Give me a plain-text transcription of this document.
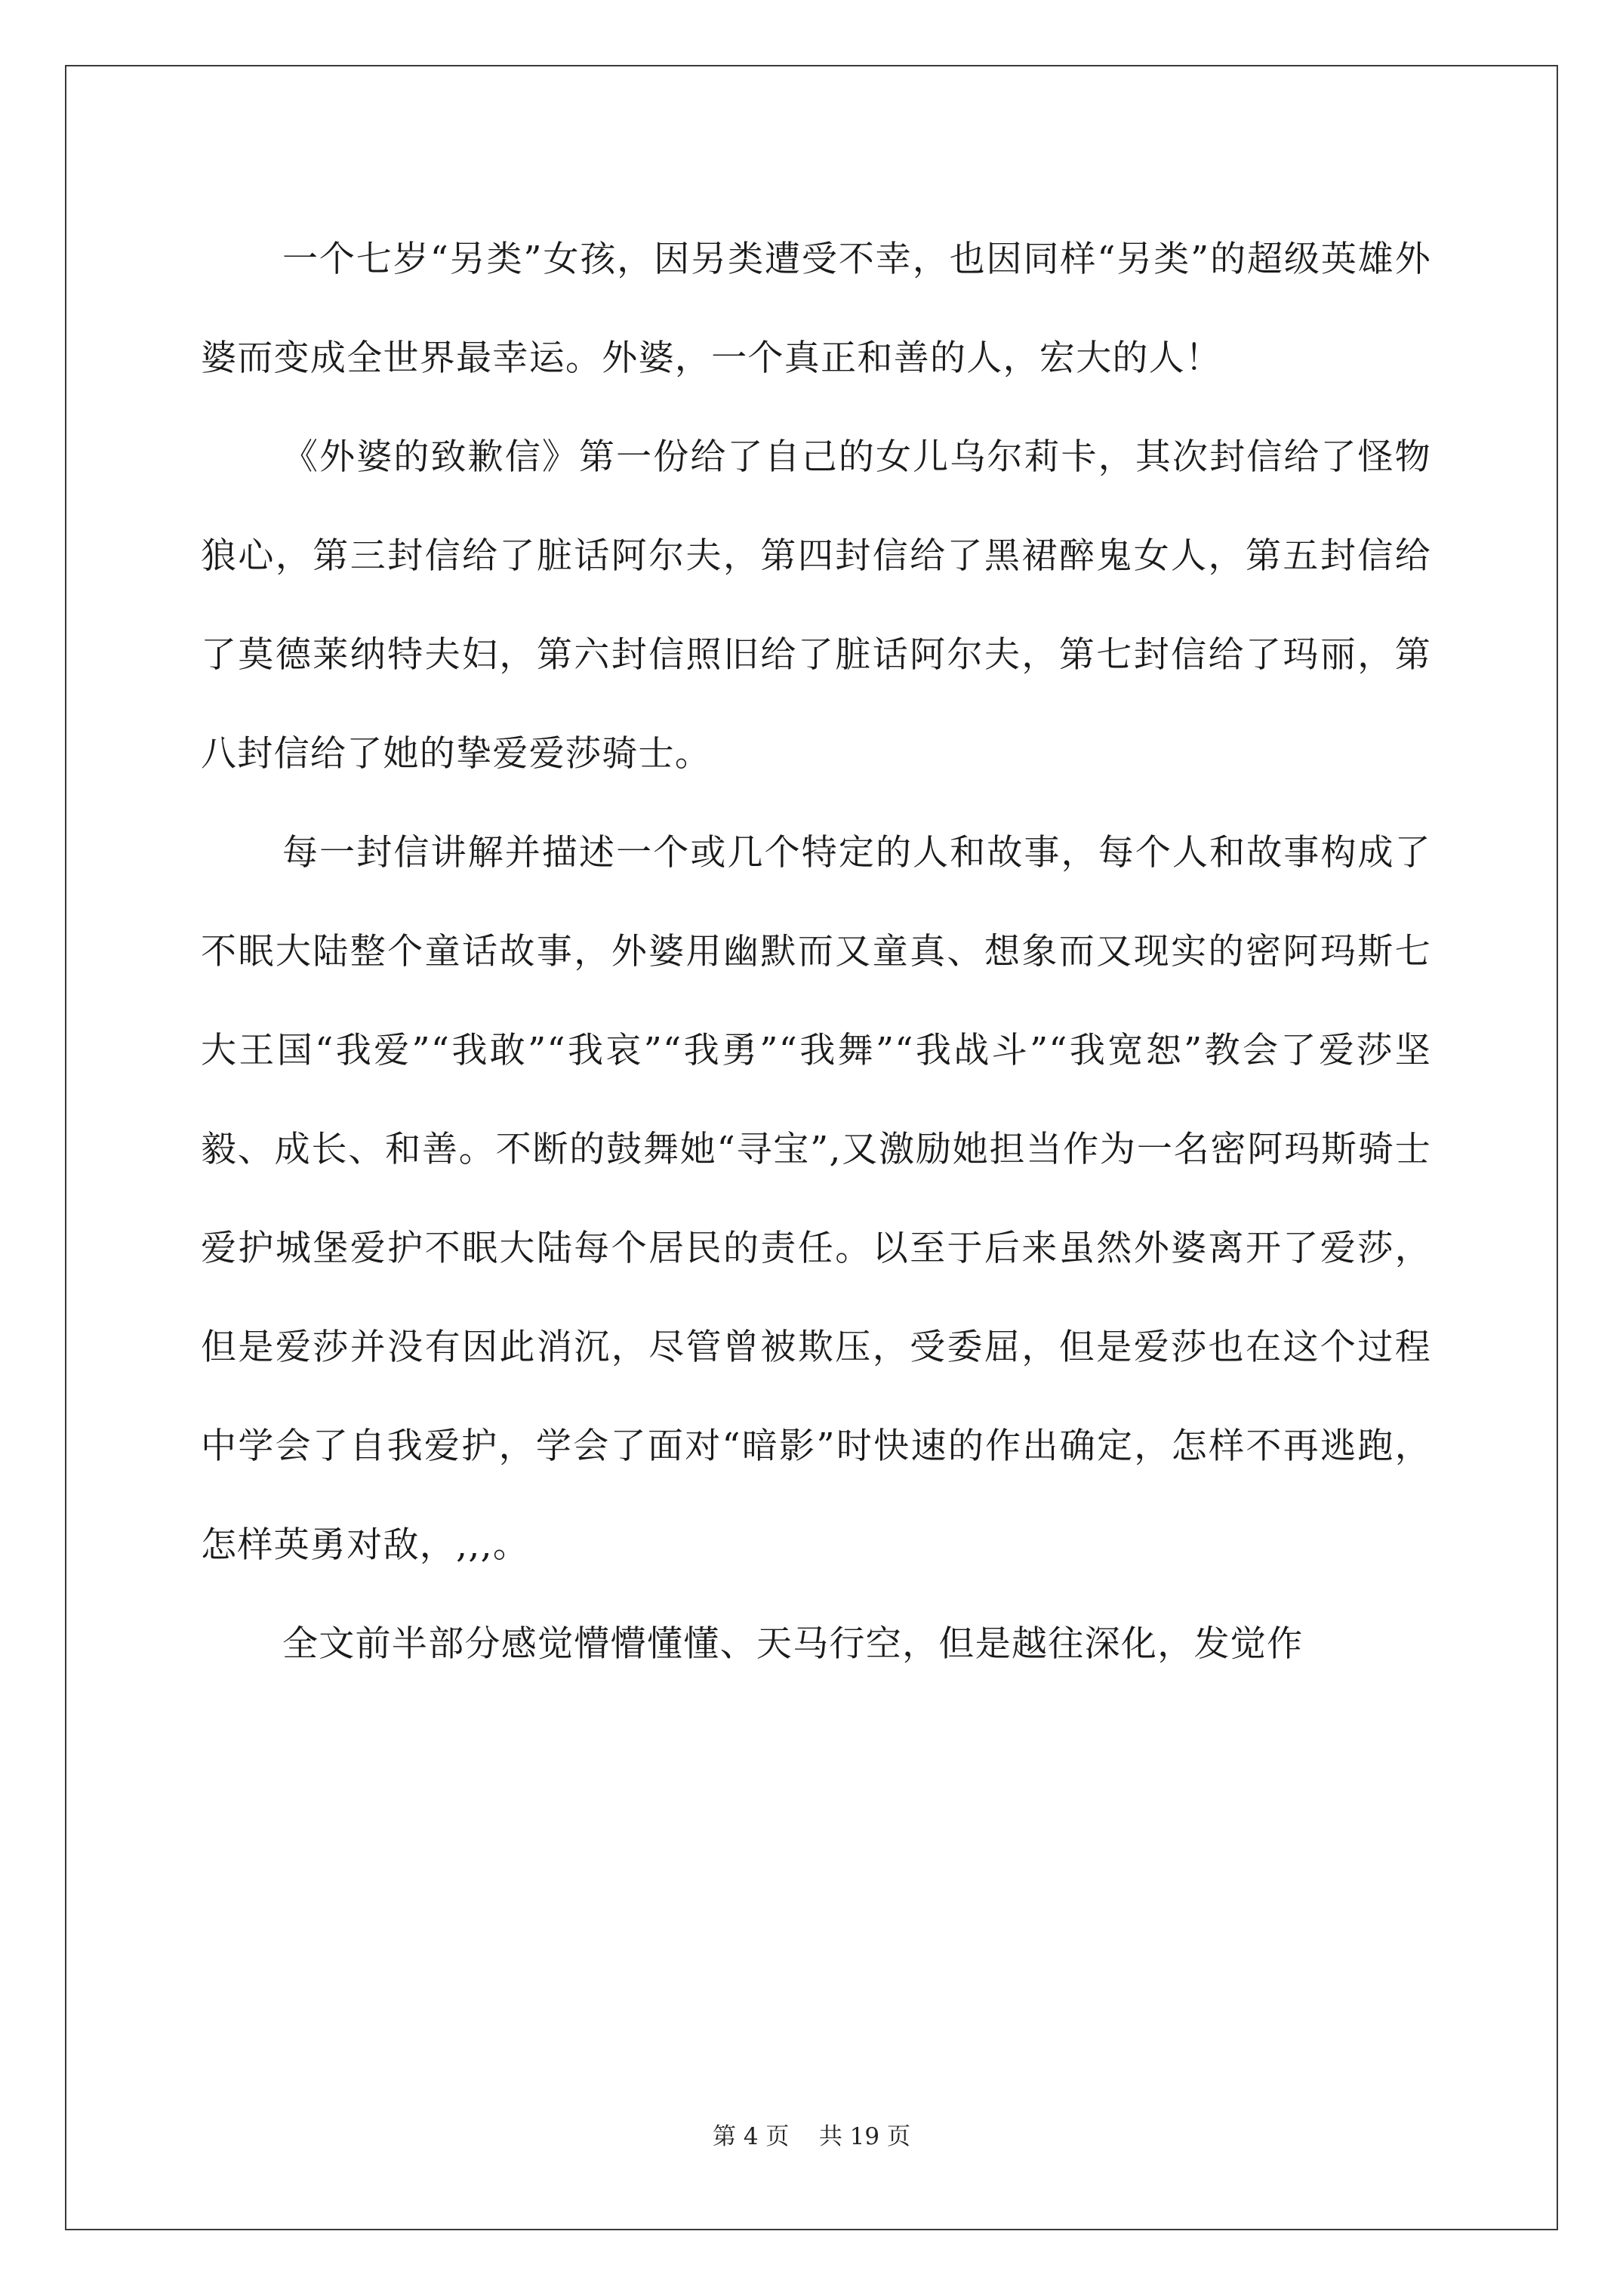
一个七岁“另类”女孩，因另类遭受不幸，也因同样“另类”的超级英雄外婆而变成全世界最幸运。外婆，一个真正和善的人，宏大的人！

《外婆的致歉信》第一份给了自己的女儿乌尔莉卡，其次封信给了怪物狼心，第三封信给了脏话阿尔夫，第四封信给了黑裙醉鬼女人，第五封信给了莫德莱纳特夫妇，第六封信照旧给了脏话阿尔夫，第七封信给了玛丽，第八封信给了她的挚爱爱莎骑士。

每一封信讲解并描述一个或几个特定的人和故事，每个人和故事构成了不眠大陆整个童话故事，外婆用幽默而又童真、想象而又现实的密阿玛斯七大王国“我爱”“我敢”“我哀”“我勇”“我舞”“我战斗”“我宽恕”教会了爱莎坚毅、成长、和善。不断的鼓舞她“寻宝”,又激励她担当作为一名密阿玛斯骑士爱护城堡爱护不眠大陆每个居民的责任。以至于后来虽然外婆离开了爱莎，但是爱莎并没有因此消沉，尽管曾被欺压，受委屈，但是爱莎也在这个过程中学会了自我爱护，学会了面对“暗影”时快速的作出确定，怎样不再逃跑，怎样英勇对敌，,,,。

全文前半部分感觉懵懵懂懂、天马行空，但是越往深化，发觉作

第 4 页    共 19 页
